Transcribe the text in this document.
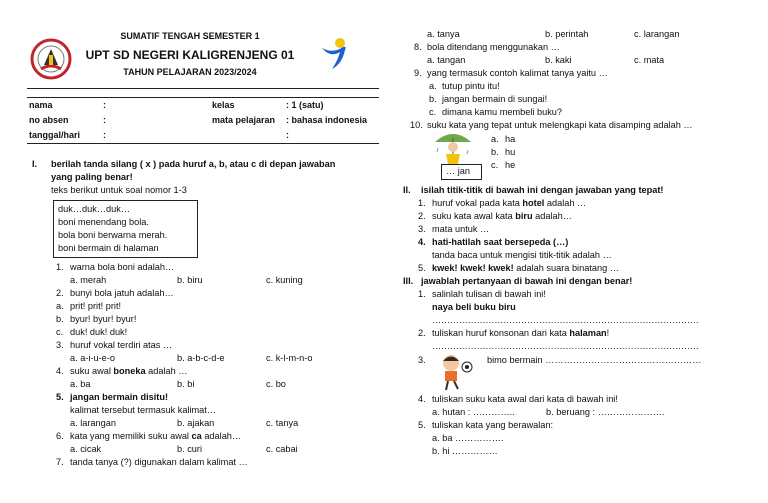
SUMATIF TENGAH SEMESTER 1
UPT SD NEGERI KALIGRENJENG 01
TAHUN PELAJARAN 2023/2024
nama	:	kelas	: 1 (satu)
no absen	:	mata pelajaran	: bahasa indonesia
tanggal/hari	:		:
I. berilah tanda silang ( x ) pada huruf a, b, atau c di depan jawaban
yang paling benar!
teks berikut untuk soal nomor 1-3
duk…duk…duk…
boni menendang bola.
bola boni berwarna merah.
boni bermain di halaman
1. warna bola boni adalah…
a. merah	b. biru	c. kuning
2. bunyi bola jatuh adalah…
a. prit! prit! prit!
b. byur! byur! byur!
c. duk! duk! duk!
3. huruf vokal terdiri atas …
a. a-i-u-e-o	b. a-b-c-d-e	c. k-l-m-n-o
4. suku awal boneka adalah …
a. ba	b. bi	c. bo
5. jangan bermain disitu!
kalimat tersebut termasuk kalimat…
a. larangan	b. ajakan	c. tanya
6. kata yang memiliki suku awal ca adalah…
a. cicak	b. curi	c. cabai
7. tanda tanya (?) digunakan dalam kalimat …
a. tanya	b. perintah	c. larangan
8. bola ditendang menggunakan …
a. tangan	b. kaki	c. mata
9. yang termasuk contoh kalimat tanya yaitu …
a. tutup pintu itu!
b. jangan bermain di sungai!
c. dimana kamu membeli buku?
10. suku kata yang tepat untuk melengkapi kata disamping adalah …
… jan
a. ha
b. hu
c. he
II. isilah titik-titik di bawah ini dengan jawaban yang tepat!
1. huruf vokal pada kata hotel adalah …
2. suku kata awal kata biru adalah…
3. mata untuk …
4. hati-hatilah saat bersepeda (…)
tanda baca untuk mengisi titik-titik adalah …
5. kwek! kwek! kwek! adalah suara binatang …
III. jawablah pertanyaan di bawah ini dengan benar!
1. salinlah tulisan di bawah ini!
naya beli buku biru
………………………………………………………………………………
2. tuliskan huruf konsonan dari kata halaman!
………………………………………………………………………………
3.	bimo bermain ……………………………………………
4. tuliskan suku kata awal dari kata di bawah ini!
a. hutan : …………..	b. beruang : ………………….
5. tuliskan kata yang berawalan:
a. ba …………….
b. hi ……………
